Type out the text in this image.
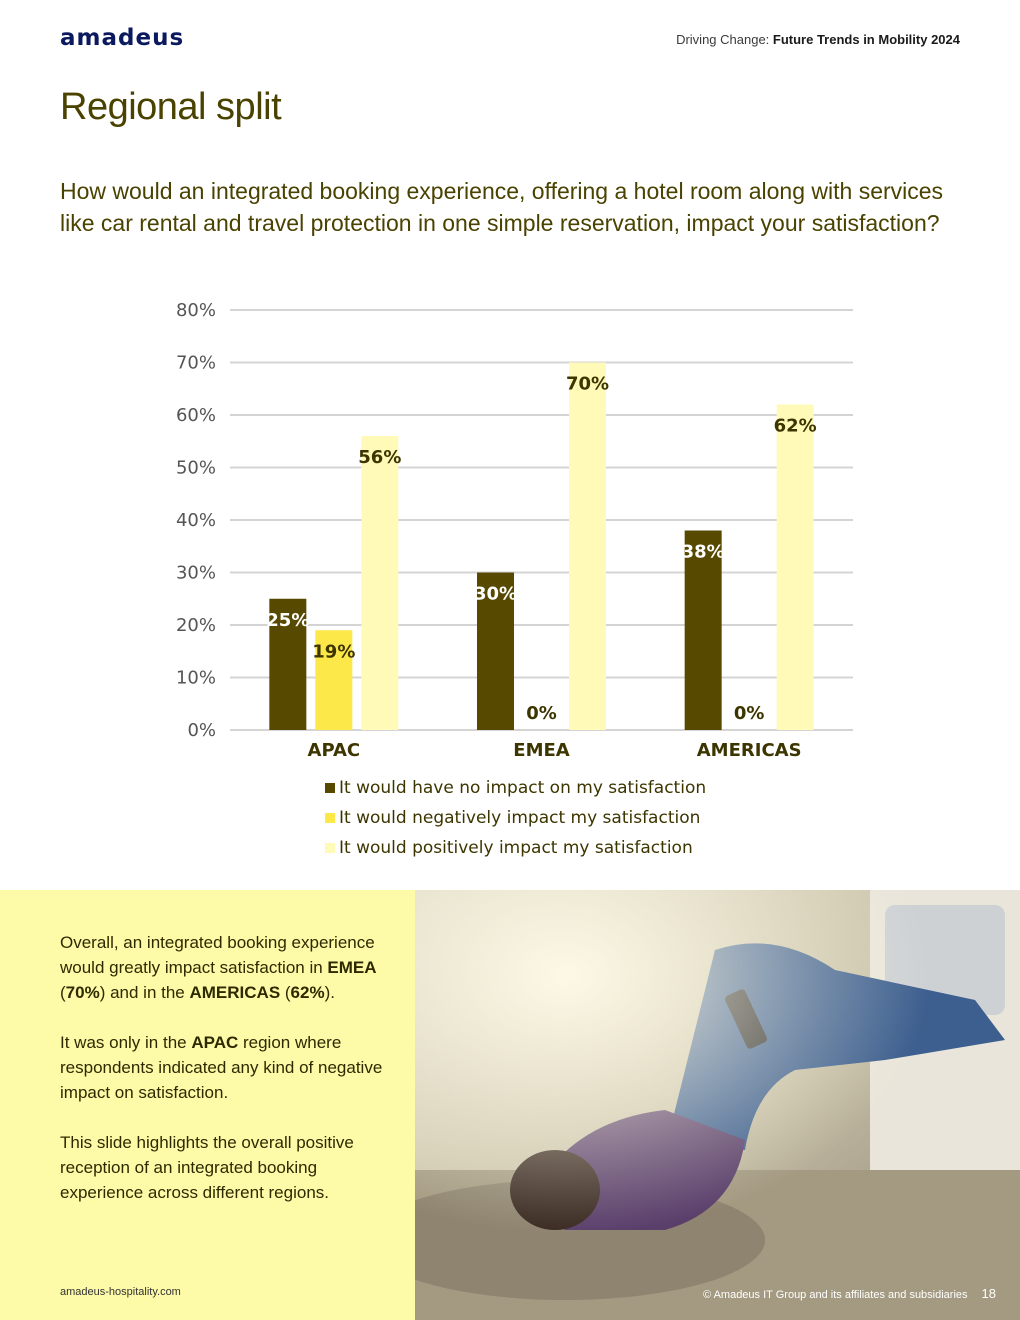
amadeus	Driving Change: Future Trends in Mobility 2024
Regional split

How would an integrated booking experience, offering a hotel room along with services like car rental and travel protection in one simple reservation, impact your satisfaction?

0%
10%
20%
30%
40%
50%
60%
70%
80%
25%
19%
56%
APAC
30%
0%
70%
EMEA
38%
0%
62%
AMERICAS
It would have no impact on my satisfaction
It would negatively impact my satisfaction
It would positively impact my satisfaction

Overall, an integrated booking experience would greatly impact satisfaction in EMEA (70%) and in the AMERICAS (62%).

It was only in the APAC region where respondents indicated any kind of negative impact on satisfaction.

This slide highlights the overall positive reception of an integrated booking experience across different regions.

amadeus-hospitality.com	© Amadeus IT Group and its affiliates and subsidiaries 18
